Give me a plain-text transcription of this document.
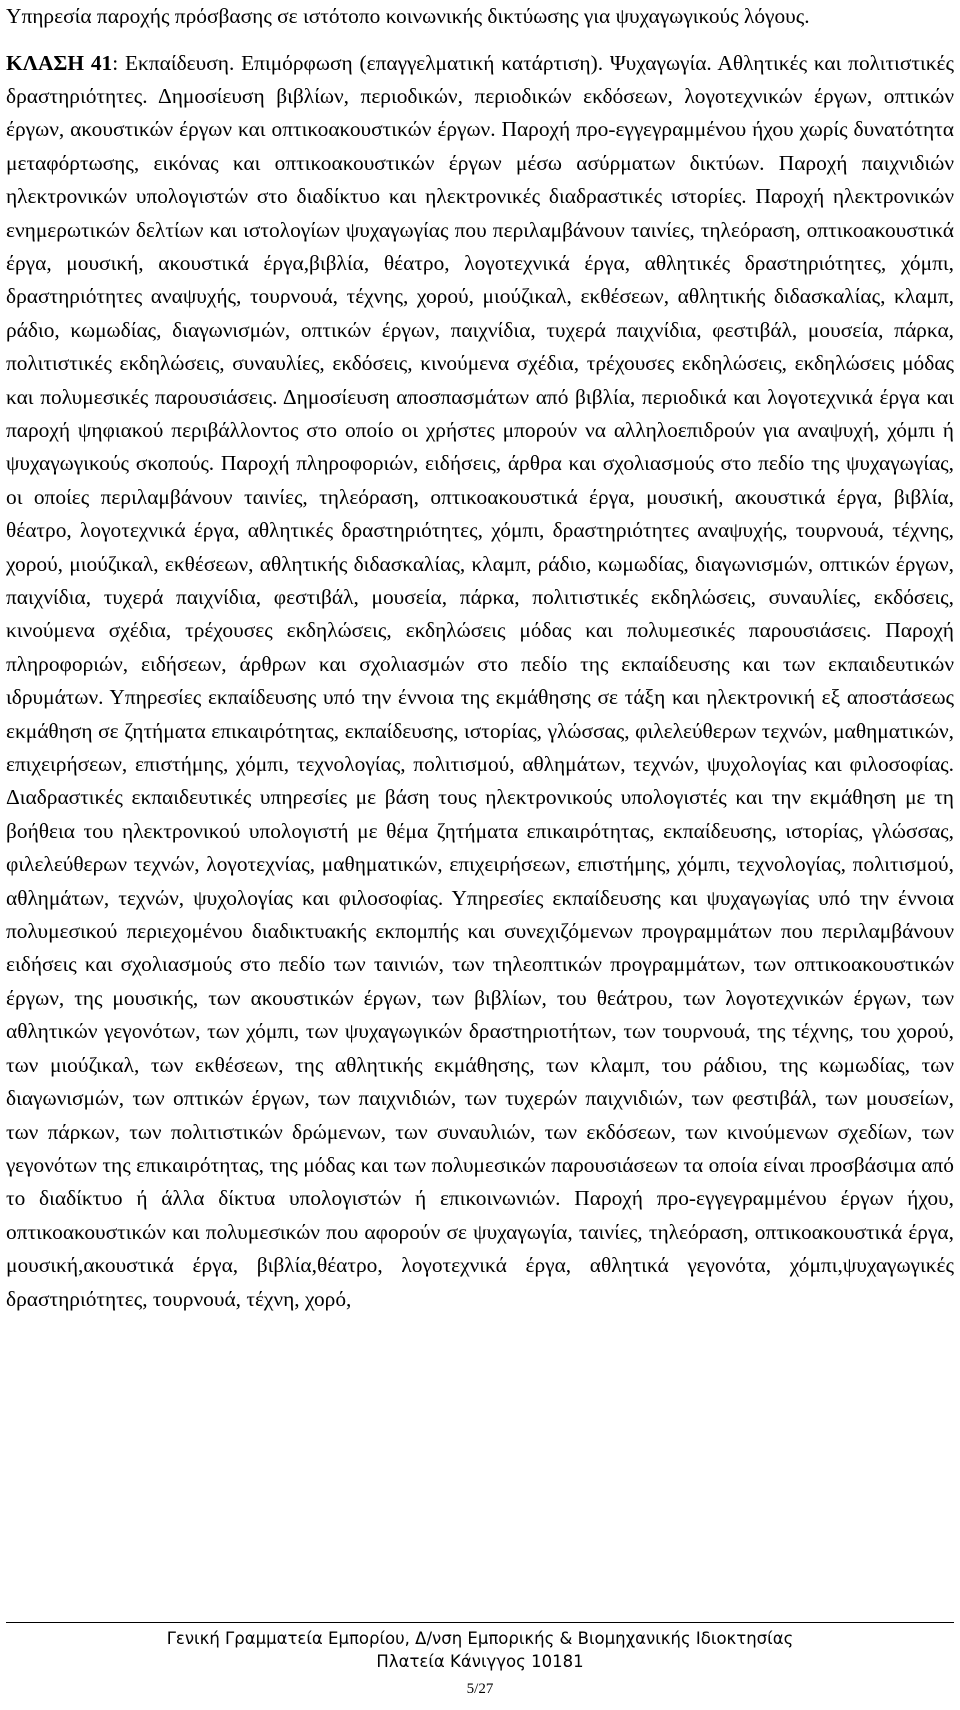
Υπηρεσία παροχής πρόσβασης σε ιστότοπο κοινωνικής δικτύωσης για ψυχαγωγικούς λόγους.

ΚΛΑΣΗ 41: Εκπαίδευση. Επιμόρφωση (επαγγελματική κατάρτιση). Ψυχαγωγία. Αθλητικές και πολιτιστικές δραστηριότητες. Δημοσίευση βιβλίων, περιοδικών, περιοδικών εκδόσεων, λογοτεχνικών έργων, οπτικών έργων, ακουστικών έργων και οπτικοακουστικών έργων. Παροχή προ-εγγεγραμμένου ήχου χωρίς δυνατότητα μεταφόρτωσης, εικόνας και οπτικοακουστικών έργων μέσω ασύρματων δικτύων. Παροχή παιχνιδιών ηλεκτρονικών υπολογιστών στο διαδίκτυο και ηλεκτρονικές διαδραστικές ιστορίες. Παροχή ηλεκτρονικών ενημερωτικών δελτίων και ιστολογίων ψυχαγωγίας που περιλαμβάνουν ταινίες, τηλεόραση, οπτικοακουστικά έργα, μουσική, ακουστικά έργα,βιβλία, θέατρο, λογοτεχνικά έργα, αθλητικές δραστηριότητες, χόμπι, δραστηριότητες αναψυχής, τουρνουά, τέχνης, χορού, μιούζικαλ, εκθέσεων, αθλητικής διδασκαλίας, κλαμπ, ράδιο, κωμωδίας, διαγωνισμών, οπτικών έργων, παιχνίδια, τυχερά παιχνίδια, φεστιβάλ, μουσεία, πάρκα, πολιτιστικές εκδηλώσεις, συναυλίες, εκδόσεις, κινούμενα σχέδια, τρέχουσες εκδηλώσεις, εκδηλώσεις μόδας και πολυμεσικές παρουσιάσεις. Δημοσίευση αποσπασμάτων από βιβλία, περιοδικά και λογοτεχνικά έργα και παροχή ψηφιακού περιβάλλοντος στο οποίο οι χρήστες μπορούν να αλληλοεπιδρούν για αναψυχή, χόμπι ή ψυχαγωγικούς σκοπούς. Παροχή πληροφοριών, ειδήσεις, άρθρα και σχολιασμούς στο πεδίο της ψυχαγωγίας, οι οποίες περιλαμβάνουν ταινίες, τηλεόραση, οπτικοακουστικά έργα, μουσική, ακουστικά έργα, βιβλία, θέατρο, λογοτεχνικά έργα, αθλητικές δραστηριότητες, χόμπι, δραστηριότητες αναψυχής, τουρνουά, τέχνης, χορού, μιούζικαλ, εκθέσεων, αθλητικής διδασκαλίας, κλαμπ, ράδιο, κωμωδίας, διαγωνισμών, οπτικών έργων, παιχνίδια, τυχερά παιχνίδια, φεστιβάλ, μουσεία, πάρκα, πολιτιστικές εκδηλώσεις, συναυλίες, εκδόσεις, κινούμενα σχέδια, τρέχουσες εκδηλώσεις, εκδηλώσεις μόδας και πολυμεσικές παρουσιάσεις. Παροχή πληροφοριών, ειδήσεων, άρθρων και σχολιασμών στο πεδίο της εκπαίδευσης και των εκπαιδευτικών ιδρυμάτων. Υπηρεσίες εκπαίδευσης υπό την έννοια της εκμάθησης σε τάξη και ηλεκτρονική εξ αποστάσεως εκμάθηση σε ζητήματα επικαιρότητας, εκπαίδευσης, ιστορίας, γλώσσας, φιλελεύθερων τεχνών, μαθηματικών, επιχειρήσεων, επιστήμης, χόμπι, τεχνολογίας, πολιτισμού, αθλημάτων, τεχνών, ψυχολογίας και φιλοσοφίας. Διαδραστικές εκπαιδευτικές υπηρεσίες με βάση τους ηλεκτρονικούς υπολογιστές και την εκμάθηση με τη βοήθεια του ηλεκτρονικού υπολογιστή με θέμα ζητήματα επικαιρότητας, εκπαίδευσης, ιστορίας, γλώσσας, φιλελεύθερων τεχνών, λογοτεχνίας, μαθηματικών, επιχειρήσεων, επιστήμης, χόμπι, τεχνολογίας, πολιτισμού, αθλημάτων, τεχνών, ψυχολογίας και φιλοσοφίας. Υπηρεσίες εκπαίδευσης και ψυχαγωγίας υπό την έννοια πολυμεσικού περιεχομένου διαδικτυακής εκπομπής και συνεχιζόμενων προγραμμάτων που περιλαμβάνουν ειδήσεις και σχολιασμούς στο πεδίο των ταινιών, των τηλεοπτικών προγραμμάτων, των οπτικοακουστικών έργων, της μουσικής, των ακουστικών έργων, των βιβλίων, του θεάτρου, των λογοτεχνικών έργων, των αθλητικών γεγονότων, των χόμπι, των ψυχαγωγικών δραστηριοτήτων, των τουρνουά, της τέχνης, του χορού, των μιούζικαλ, των εκθέσεων, της αθλητικής εκμάθησης, των κλαμπ, του ράδιου, της κωμωδίας, των διαγωνισμών, των οπτικών έργων, των παιχνιδιών, των τυχερών παιχνιδιών, των φεστιβάλ, των μουσείων, των πάρκων, των πολιτιστικών δρώμενων, των συναυλιών, των εκδόσεων, των κινούμενων σχεδίων, των γεγονότων της επικαιρότητας, της μόδας και των πολυμεσικών παρουσιάσεων τα οποία είναι προσβάσιμα από το διαδίκτυο ή άλλα δίκτυα υπολογιστών ή επικοινωνιών. Παροχή προ-εγγεγραμμένου έργων ήχου, οπτικοακουστικών και πολυμεσικών που αφορούν σε ψυχαγωγία, ταινίες, τηλεόραση, οπτικοακουστικά έργα, μουσική,ακουστικά έργα, βιβλία,θέατρο, λογοτεχνικά έργα, αθλητικά γεγονότα, χόμπι,ψυχαγωγικές δραστηριότητες, τουρνουά, τέχνη, χορό,

Γενική Γραμματεία Εμπορίου, Δ/νση Εμπορικής & Βιομηχανικής Ιδιοκτησίας
Πλατεία Κάνιγγος 10181
5/27
